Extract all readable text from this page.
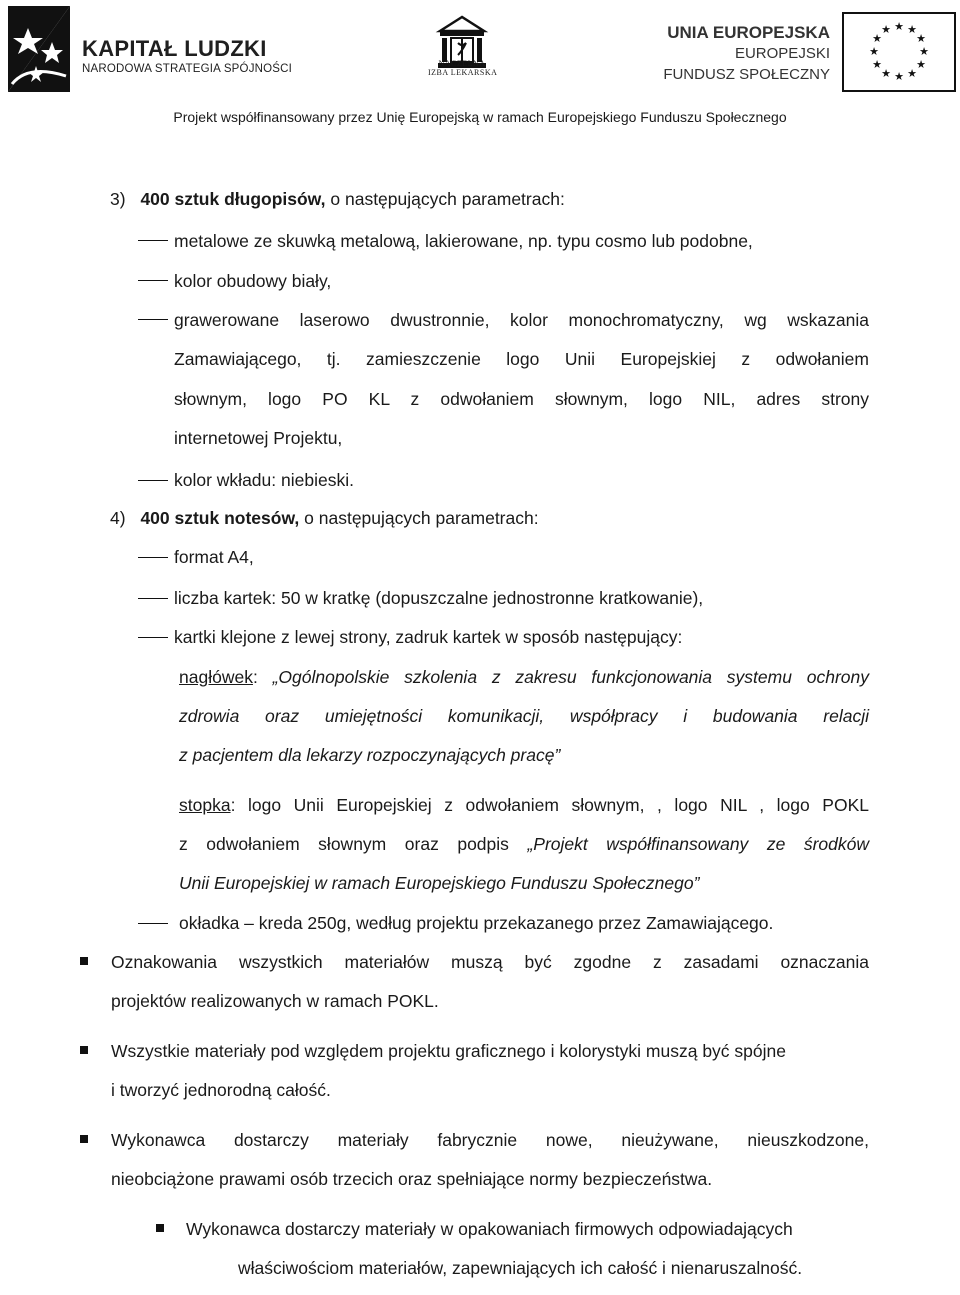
KAPITAŁ LUDZKI
NARODOWA STRATEGIA SPÓJNOŚCI	NACZELNA
IZBA LEKARSKA
UNIA EUROPEJSKA
EUROPEJSKI
FUNDUSZ SPOŁECZNY
★ ★
★
★
★
★
★
★
★
★
★
★
Projekt współfinansowany przez Unię Europejską w ramach Europejskiego Funduszu Społecznego
3) 400 sztuk długopisów, o następujących parametrach:
metalowe ze skuwką metalową, lakierowane, np. typu cosmo lub podobne,
kolor obudowy biały,
grawerowane laserowo dwustronnie, kolor monochromatyczny, wg wskazania
Zamawiającego, tj. zamieszczenie logo Unii Europejskiej z odwołaniem
słownym, logo PO KL z odwołaniem słownym, logo NIL, adres strony
internetowej Projektu,
kolor wkładu: niebieski.
4) 400 sztuk notesów, o następujących parametrach:
format A4,
liczba kartek: 50 w kratkę (dopuszczalne jednostronne kratkowanie),
kartki klejone z lewej strony, zadruk kartek w sposób następujący:
nagłówek: „Ogólnopolskie szkolenia z zakresu funkcjonowania systemu ochrony
zdrowia oraz umiejętności komunikacji, współpracy i budowania relacji
z pacjentem dla lekarzy rozpoczynających pracę”
stopka: logo Unii Europejskiej z odwołaniem słownym, , logo NIL , logo POKL
z odwołaniem słownym oraz podpis „Projekt współfinansowany ze środków
Unii Europejskiej w ramach Europejskiego Funduszu Społecznego”
okładka – kreda 250g, według projektu przekazanego przez Zamawiającego.
Oznakowania wszystkich materiałów muszą być zgodne z zasadami oznaczania
projektów realizowanych w ramach POKL.
Wszystkie materiały pod względem projektu graficznego i kolorystyki muszą być spójne
i tworzyć jednorodną całość.
Wykonawca dostarczy materiały fabrycznie nowe, nieużywane, nieuszkodzone,
nieobciążone prawami osób trzecich oraz spełniające normy bezpieczeństwa.
Wykonawca dostarczy materiały w opakowaniach firmowych odpowiadających
właściwościom materiałów, zapewniających ich całość i nienaruszalność.
